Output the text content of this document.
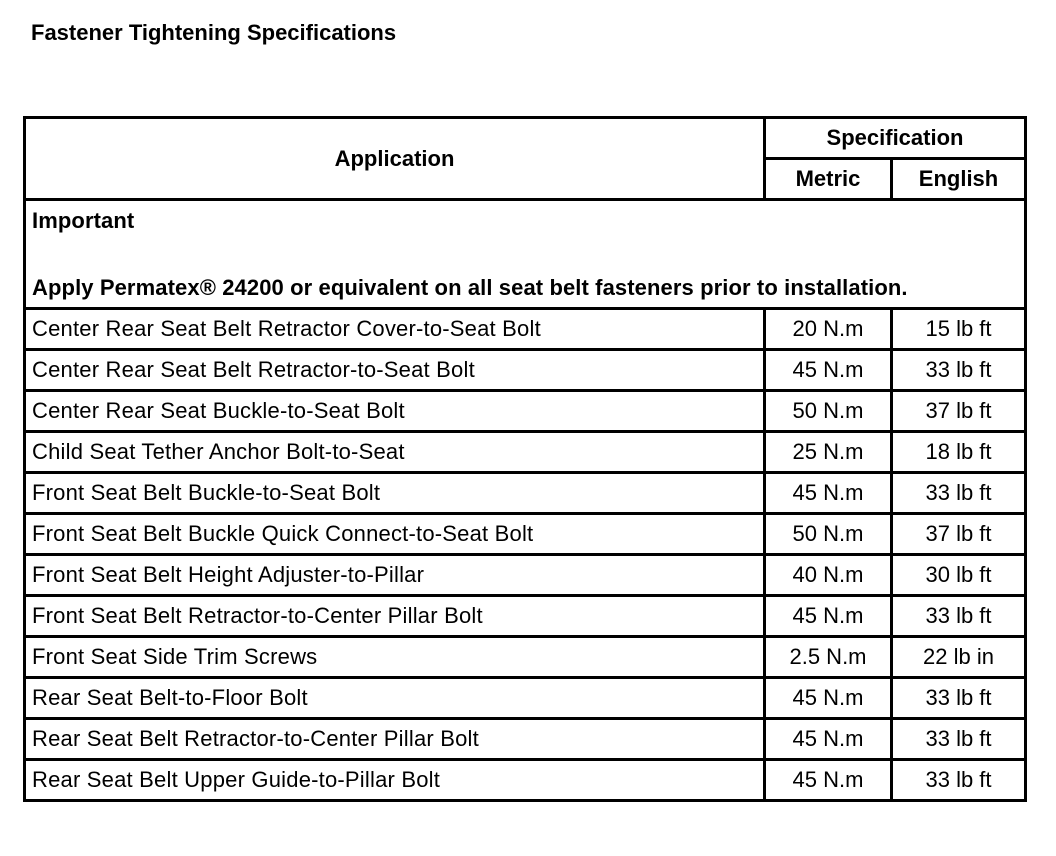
Fastener Tightening Specifications
Application	Specification	
	Metric	English

Important
Apply Permatex® 24200 or equivalent on all seat belt fasteners prior to installation.		

Center Rear Seat Belt Retractor Cover-to-Seat Bolt	20 N.m	15 lb ft
Center Rear Seat Belt Retractor-to-Seat Bolt	45 N.m	33 lb ft
Center Rear Seat Buckle-to-Seat Bolt	50 N.m	37 lb ft
Child Seat Tether Anchor Bolt-to-Seat	25 N.m	18 lb ft
Front Seat Belt Buckle-to-Seat Bolt	45 N.m	33 lb ft
Front Seat Belt Buckle Quick Connect-to-Seat Bolt	50 N.m	37 lb ft
Front Seat Belt Height Adjuster-to-Pillar	40 N.m	30 lb ft
Front Seat Belt Retractor-to-Center Pillar Bolt	45 N.m	33 lb ft
Front Seat Side Trim Screws	2.5 N.m	22 lb in
Rear Seat Belt-to-Floor Bolt	45 N.m	33 lb ft
Rear Seat Belt Retractor-to-Center Pillar Bolt	45 N.m	33 lb ft
Rear Seat Belt Upper Guide-to-Pillar Bolt	45 N.m	33 lb ft
